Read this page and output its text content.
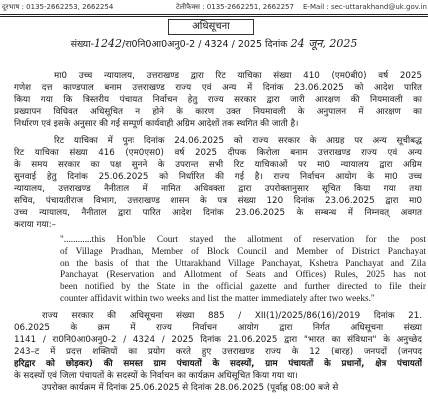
दूरभाष : 0135-2662253, 2662254	टेलीफैक्स : 0135-2662251, 2662257 E-Mail : sec-uttarakhand@uk.gov.in
अधिसूचना
संख्या-1242/रा0नि0आ0अनु0-2 / 4324 / 2025 दिनांक 24 जून, 2025
मा0 उच्च न्यायालय, उत्तराखण्ड द्वारा रिट याचिका संख्या 410 (एम0बी0) वर्ष 2025
गणेश दत्त काण्डपाल बनाम उत्तराखण्ड राज्य एवं अन्य में दिनांक 23.06.2025 को आदेश पारित
किया गया कि त्रिस्तरीय पंचायत निर्वाचन हेतु राज्य सरकार द्वारा जारी आरक्षण की नियमावली का
प्रख्यापन विधिवत अधिसूचित न होने के कारण उक्त नियमावली के अनुपालन में आरक्षण का
निर्धारण एवं इसके अनुसार की गई सम्पूर्ण कार्यवाही अग्रिम आदेशों तक स्थगित की जाती है।
रिट याचिका में पुनः दिनांक 24.06.2025 को राज्य सरकार के आग्रह पर अन्य सूचीबद्ध
रिट याचिका संख्या 416 (एम0एस0) वर्ष 2025 दीपक किरोला बनाम उत्तराखण्ड राज्य एवं अन्य
के समय सरकार का पक्ष सुनने के उपरान्त सभी रिट याचिकाओं पर मा0 न्यायालय द्वारा अग्रिम
सुनवाई हेतु दिनांक 25.06.2025 को निर्धारित की गई है। राज्य निर्वाचन आयोग के मा0 उच्च
न्यायालय, उत्तराखण्ड नैनीताल में नामित अधिवक्ता द्वारा उपरोक्तानुसार सूचित किया गया तथा
सचिव, पंचायतीराज विभाग, उत्तराखण्ड शासन के पत्र संख्या 120 दिनांक 23.06.2025 द्वारा मा0
उच्च न्यायालय, नैनीताल द्वारा पारित आदेश दिनांक 23.06.2025 के सम्बन्ध में निम्नवत् अवगत
कराया गया:–
"............this Hon'ble Court stayed the allotment of reservation for the post
of Village Pradhan, Member of Block Council and Member of District Panchayat
on the basis of that the Uttarakhand Village Panchayat, Kshetra Panchayat and Zila
Panchayat (Reservation and Allotment of Seats and Offices) Rules, 2025 has not
been notified by the State in the official gazette and further directed to file their
counter affidavit within two weeks and list the matter immediately after two weeks."
राज्य सरकार की अधिसूचना संख्या 885 / XII(1)/2025/86(16)/2019 दिनांक 21.
06.2025 के क्रम में राज्य निर्वाचन आयोग द्वारा निर्गत अधिसूचना संख्या
1141 / रा0नि0आ0अनु0-2 / 4324 / 2025 दिनांक 21.06.2025 द्वारा "भारत का संविधान" के अनुच्छेद
243–ट में प्रदत्त शक्तियों का प्रयोग करते हुए उत्तराखण्ड राज्य के 12 (बारह) जनपदों (जनपद
हरिद्वार को छोड़कर) की समस्त ग्राम पंचायतों के सदस्यों, ग्राम पंचायतों के प्रधानों, क्षेत्र पंचायतों
के सदस्यों एवं जिला पंचायतों के सदस्यों के निर्वाचन का कार्यक्रम अधिसूचित किया गया था।
उपरोक्त कार्यक्रम में दिनांक 25.06.2025 से दिनांक 28.06.2025 (पूर्वाह्न 08:00 बजे से
